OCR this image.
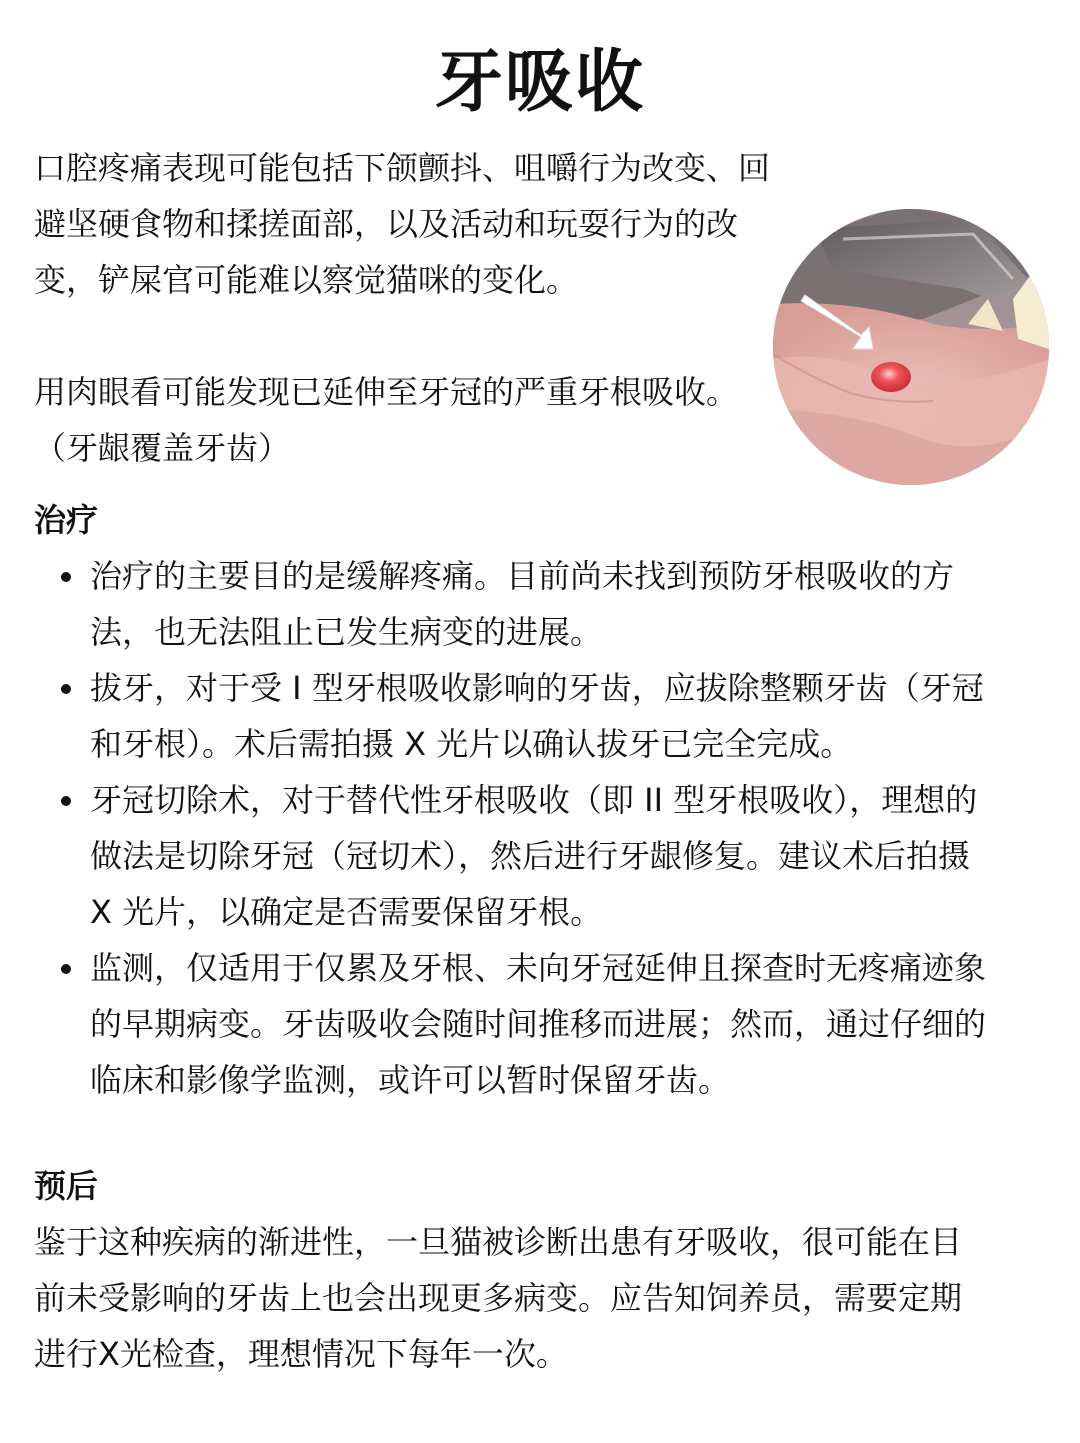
牙吸收

口腔疼痛表现可能包括下颌颤抖、咀嚼行为改变、回避坚硬食物和揉搓面部，以及活动和玩耍行为的改变，铲屎官可能难以察觉猫咪的变化。

用肉眼看可能发现已延伸至牙冠的严重牙根吸收。（牙龈覆盖牙齿）

治疗
治疗的主要目的是缓解疼痛。目前尚未找到预防牙根吸收的方法，也无法阻止已发生病变的进展。
拔牙，对于受 I 型牙根吸收影响的牙齿，应拔除整颗牙齿（牙冠和牙根）。术后需拍摄 X 光片以确认拔牙已完全完成。
牙冠切除术，对于替代性牙根吸收（即 II 型牙根吸收），理想的做法是切除牙冠（冠切术），然后进行牙龈修复。建议术后拍摄 X 光片，以确定是否需要保留牙根。
监测，仅适用于仅累及牙根、未向牙冠延伸且探查时无疼痛迹象的早期病变。牙齿吸收会随时间推移而进展；然而，通过仔细的临床和影像学监测，或许可以暂时保留牙齿。
预后
鉴于这种疾病的渐进性，一旦猫被诊断出患有牙吸收，很可能在目前未受影响的牙齿上也会出现更多病变。应告知饲养员，需要定期进行X光检查，理想情况下每年一次。
